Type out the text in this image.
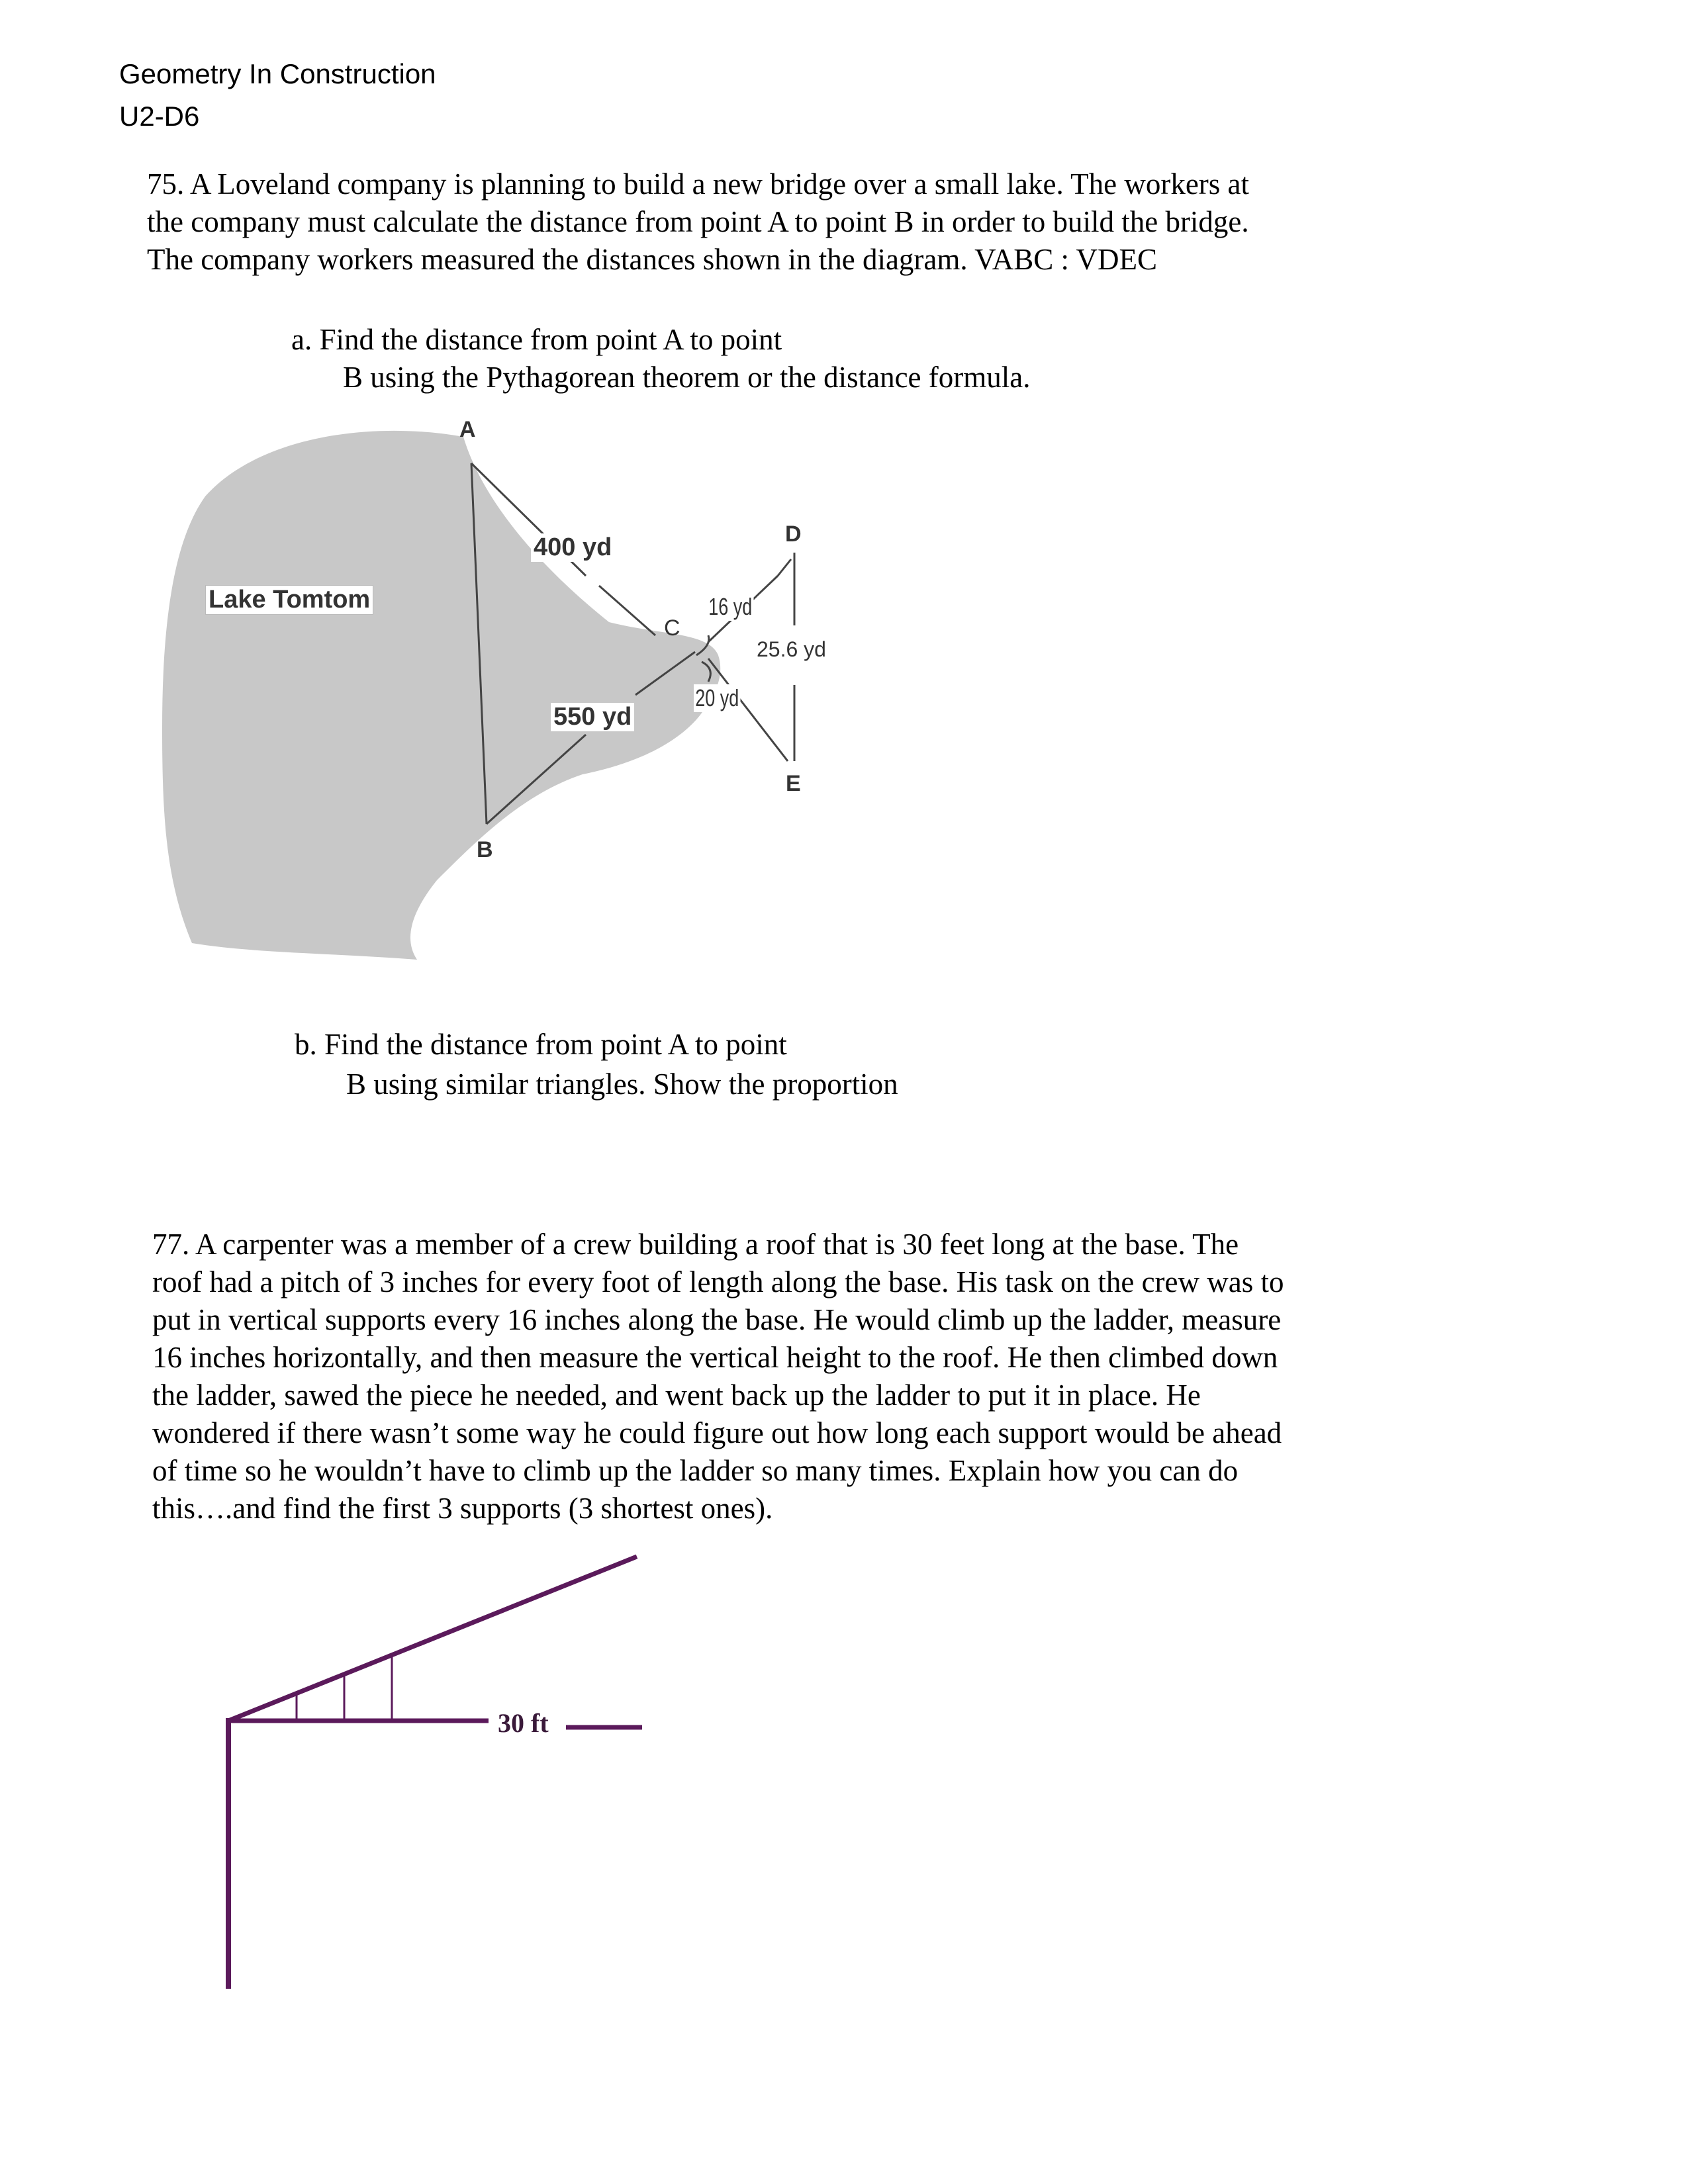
Geometry In Construction
U2-D6
75. A Loveland company is planning to build a new bridge over a small lake. The workers at
the company must calculate the distance from point A to point B in order to build the bridge.
The company workers measured the distances shown in the diagram. VABC : VDEC
a. Find the distance from point A to point
B using the Pythagorean theorem or the distance formula.
A
B
C
D
E
Lake Tomtom
400 yd
550 yd
16 yd
20 yd
25.6 yd
b. Find the distance from point A to point
B using similar triangles. Show the proportion
77. A carpenter was a member of a crew building a roof that is 30 feet long at the base. The
roof had a pitch of 3 inches for every foot of length along the base. His task on the crew was to
put in vertical supports every 16 inches along the base. He would climb up the ladder, measure
16 inches horizontally, and then measure the vertical height to the roof. He then climbed down
the ladder, sawed the piece he needed, and went back up the ladder to put it in place. He
wondered if there wasn’t some way he could figure out how long each support would be ahead
of time so he wouldn’t have to climb up the ladder so many times. Explain how you can do
this….and find the first 3 supports (3 shortest ones).
30 ft
